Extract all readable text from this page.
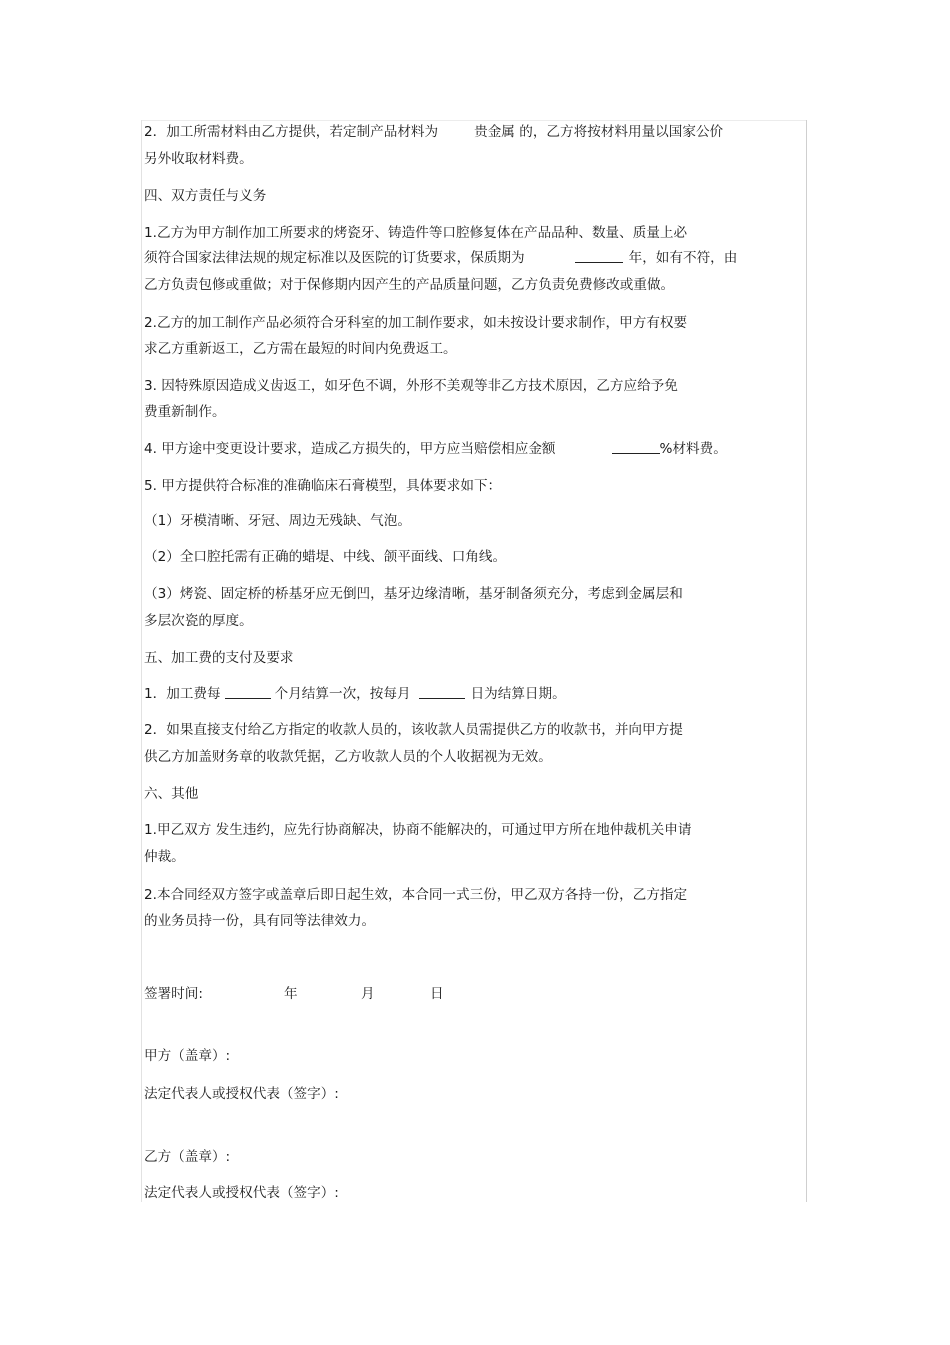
2．加工所需材料由乙方提供，若定制产品材料为	贵金属 的，乙方将按材料用量以国家公价
另外收取材料费。
四、双方责任与义务
1.乙方为甲方制作加工所要求的烤瓷牙、铸造件等口腔修复体在产品品种、数量、质量上必
须符合国家法律法规的规定标准以及医院的订货要求，保质期为	年，如有不符，由
乙方负责包修或重做；对于保修期内因产生的产品质量问题，乙方负责免费修改或重做。
2.乙方的加工制作产品必须符合牙科室的加工制作要求，如未按设计要求制作，甲方有权要
求乙方重新返工，乙方需在最短的时间内免费返工。
3. 因特殊原因造成义齿返工，如牙色不调，外形不美观等非乙方技术原因，乙方应给予免
费重新制作。
4. 甲方途中变更设计要求，造成乙方损失的，甲方应当赔偿相应金额	%材料费。
5. 甲方提供符合标准的准确临床石膏模型，具体要求如下：
（1）牙模清晰、牙冠、周边无残缺、气泡。
（2）全口腔托需有正确的蜡堤、中线、颌平面线、口角线。
（3）烤瓷、固定桥的桥基牙应无倒凹，基牙边缘清晰，基牙制备须充分，考虑到金属层和
多层次瓷的厚度。
五、加工费的支付及要求
1．加工费每	个月结算一次，按每月	日为结算日期。
2．如果直接支付给乙方指定的收款人员的，该收款人员需提供乙方的收款书，并向甲方提
供乙方加盖财务章的收款凭据，乙方收款人员的个人收据视为无效。
六、其他
1.甲乙双方 发生违约，应先行协商解决，协商不能解决的，可通过甲方所在地仲裁机关申请
仲裁。
2.本合同经双方签字或盖章后即日起生效，本合同一式三份，甲乙双方各持一份，乙方指定
的业务员持一份，具有同等法律效力。
签署时间:	年	月	日
甲方（盖章）:
法定代表人或授权代表（签字）:
乙方（盖章）:
法定代表人或授权代表（签字）:
